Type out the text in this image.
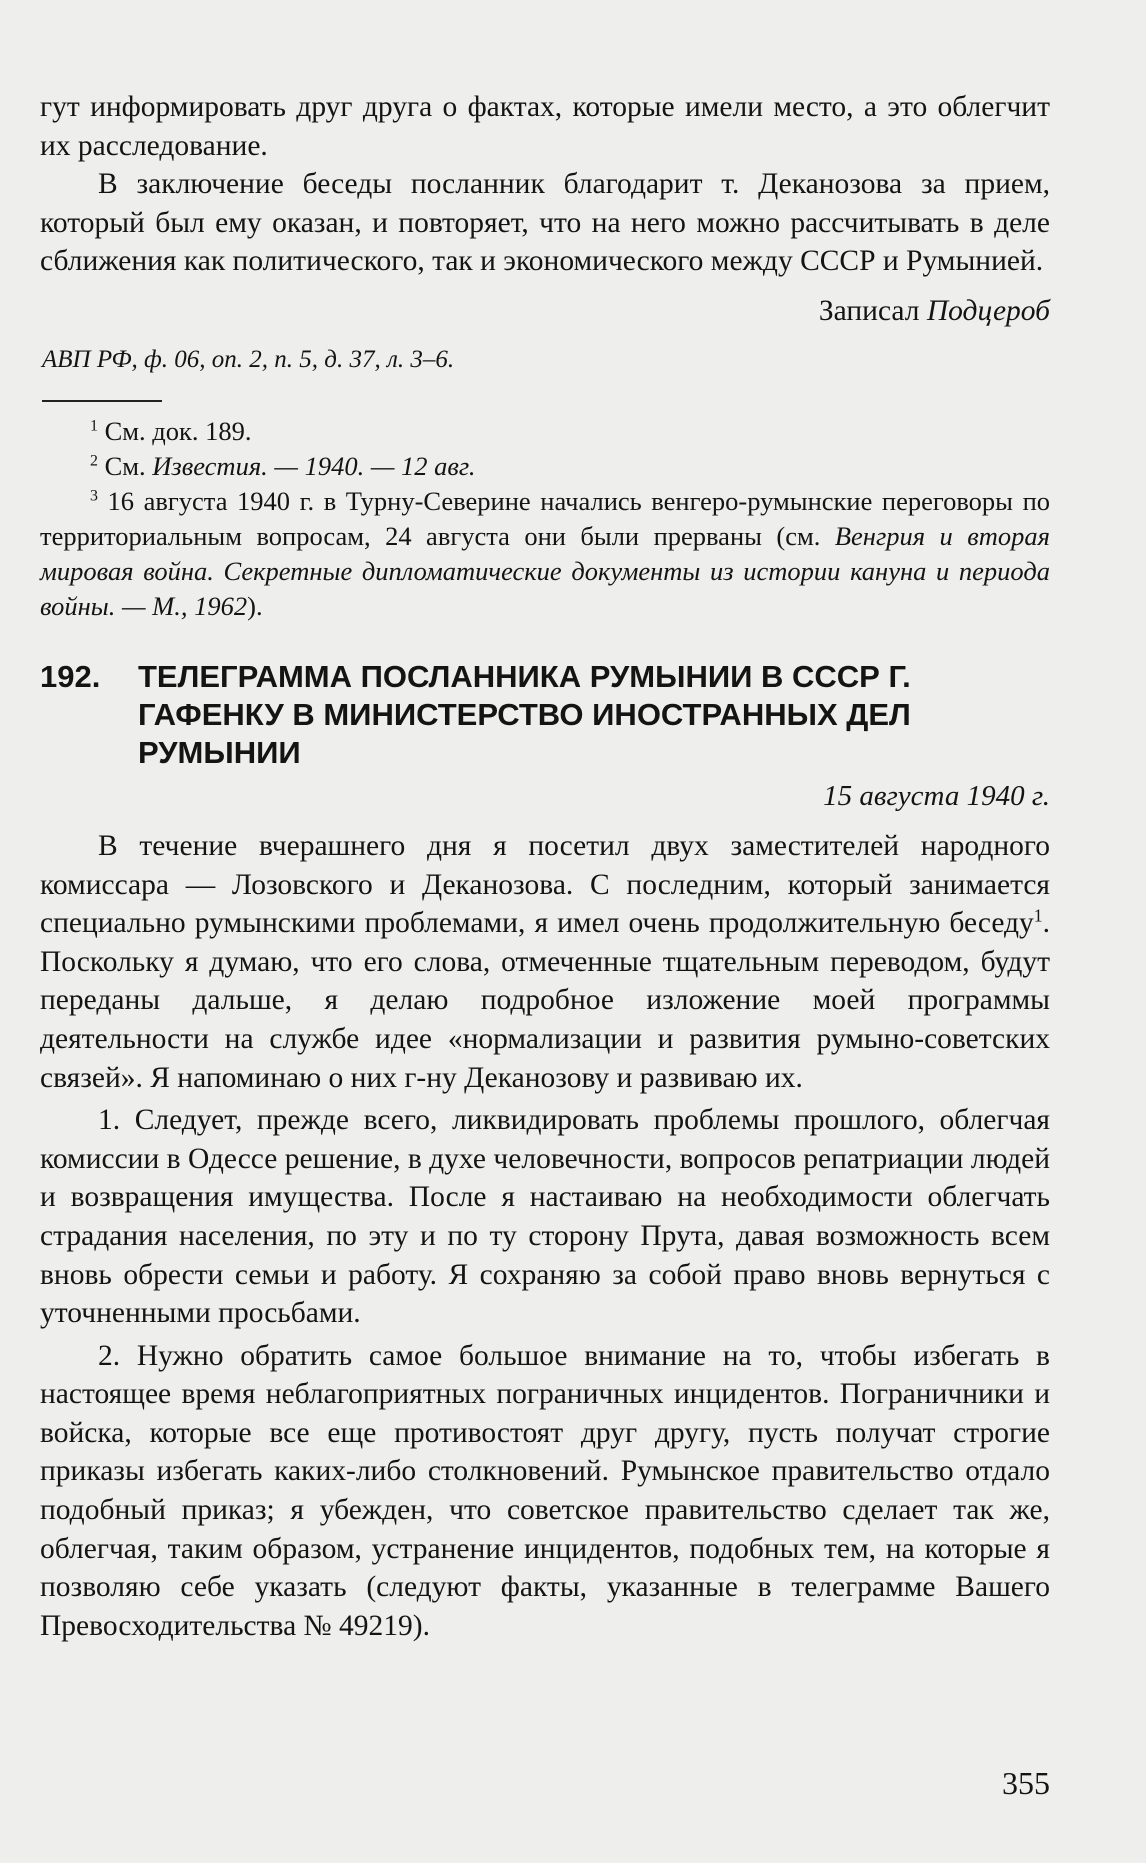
гут информировать друг друга о фактах, которые имели место, а это облегчит их расследование.

В заключение беседы посланник благодарит т. Деканозова за прием, который был ему оказан, и повторяет, что на него можно рассчитывать в деле сближения как политического, так и экономического между СССР и Румынией.

Записал Подцероб

АВП РФ, ф. 06, оп. 2, п. 5, д. 37, л. 3–6.

$^1$ См. док. 189.

$^2$ См. Известия. — 1940. — 12 авг.

$^3$ 16 августа 1940 г. в Турну-Северине начались венгеро-румынские переговоры по территориальным вопросам, 24 августа они были прерваны (см. Венгрия и вторая мировая война. Секретные дипломатические документы из истории кануна и периода войны. — М., 1962).

192.	ТЕЛЕГРАММА ПОСЛАННИКА РУМЫНИИ В СССР Г. ГАФЕНКУ В МИНИСТЕРСТВО ИНОСТРАННЫХ ДЕЛ РУМЫНИИ

15 августа 1940 г.

В течение вчерашнего дня я посетил двух заместителей народного комиссара — Лозовского и Деканозова. С последним, который занимается специально румынскими проблемами, я имел очень продолжительную беседу$^1$. Поскольку я думаю, что его слова, отмеченные тщательным переводом, будут переданы дальше, я делаю подробное изложение моей программы деятельности на службе идее «нормализации и развития румыно-советских связей». Я напоминаю о них г-ну Деканозову и развиваю их.

1. Следует, прежде всего, ликвидировать проблемы прошлого, облегчая комиссии в Одессе решение, в духе человечности, вопросов репатриации людей и возвращения имущества. После я настаиваю на необходимости облегчать страдания населения, по эту и по ту сторону Прута, давая возможность всем вновь обрести семьи и работу. Я сохраняю за собой право вновь вернуться с уточненными просьбами.

2. Нужно обратить самое большое внимание на то, чтобы избегать в настоящее время неблагоприятных пограничных инцидентов. Пограничники и войска, которые все еще противостоят друг другу, пусть получат строгие приказы избегать каких-либо столкновений. Румынское правительство отдало подобный приказ; я убежден, что советское правительство сделает так же, облегчая, таким образом, устранение инцидентов, подобных тем, на которые я позволяю себе указать (следуют факты, указанные в телеграмме Вашего Превосходительства № 49219).

355
